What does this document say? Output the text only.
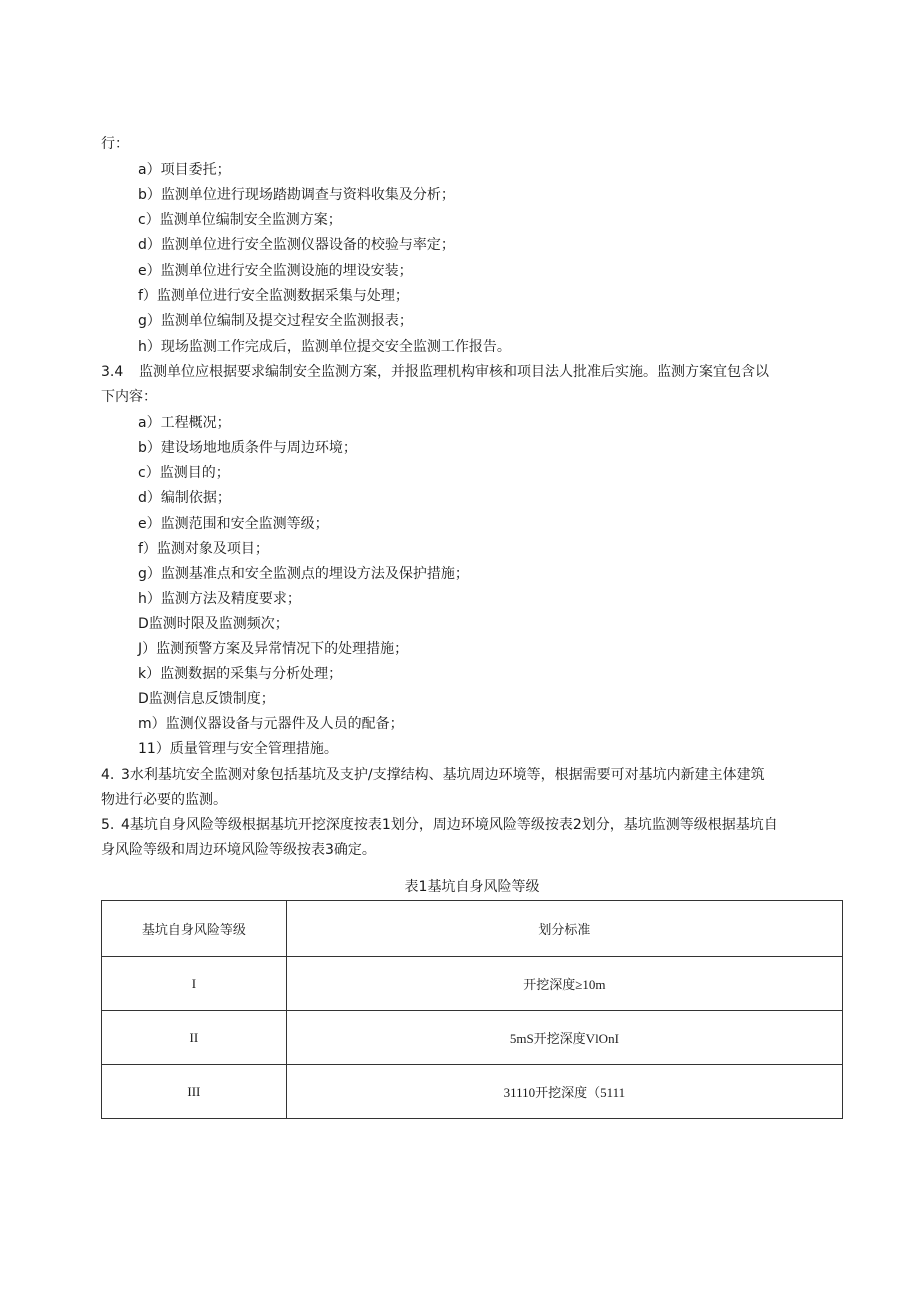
行：
a）项目委托；
b）监测单位进行现场踏勘调查与资料收集及分析；
c）监测单位编制安全监测方案；
d）监测单位进行安全监测仪器设备的校验与率定；
e）监测单位进行安全监测设施的埋设安装；
f）监测单位进行安全监测数据采集与处理；
g）监测单位编制及提交过程安全监测报表；
h）现场监测工作完成后，监测单位提交安全监测工作报告。
3.4 监测单位应根据要求编制安全监测方案，并报监理机构审核和项目法人批准后实施。监测方案宜包含以
下内容：
a）工程概况；
b）建设场地地质条件与周边环境；
c）监测目的；
d）编制依据；
e）监测范围和安全监测等级；
f）监测对象及项目；
g）监测基准点和安全监测点的埋设方法及保护措施；
h）监测方法及精度要求；
D监测时限及监测频次；
J）监测预警方案及异常情况下的处理措施；
k）监测数据的采集与分析处理；
D监测信息反馈制度；
m）监测仪器设备与元器件及人员的配备；
11）质量管理与安全管理措施。
4. 3水利基坑安全监测对象包括基坑及支护/支撑结构、基坑周边环境等，根据需要可对基坑内新建主体建筑
物进行必要的监测。
5. 4基坑自身风险等级根据基坑开挖深度按表1划分，周边环境风险等级按表2划分，基坑监测等级根据基坑自
身风险等级和周边环境风险等级按表3确定。
表1基坑自身风险等级
基坑自身风险等级	划分标准
I	开挖深度≥10m
II	5mS开挖深度VlOnI
III	31110开挖深度（5111
